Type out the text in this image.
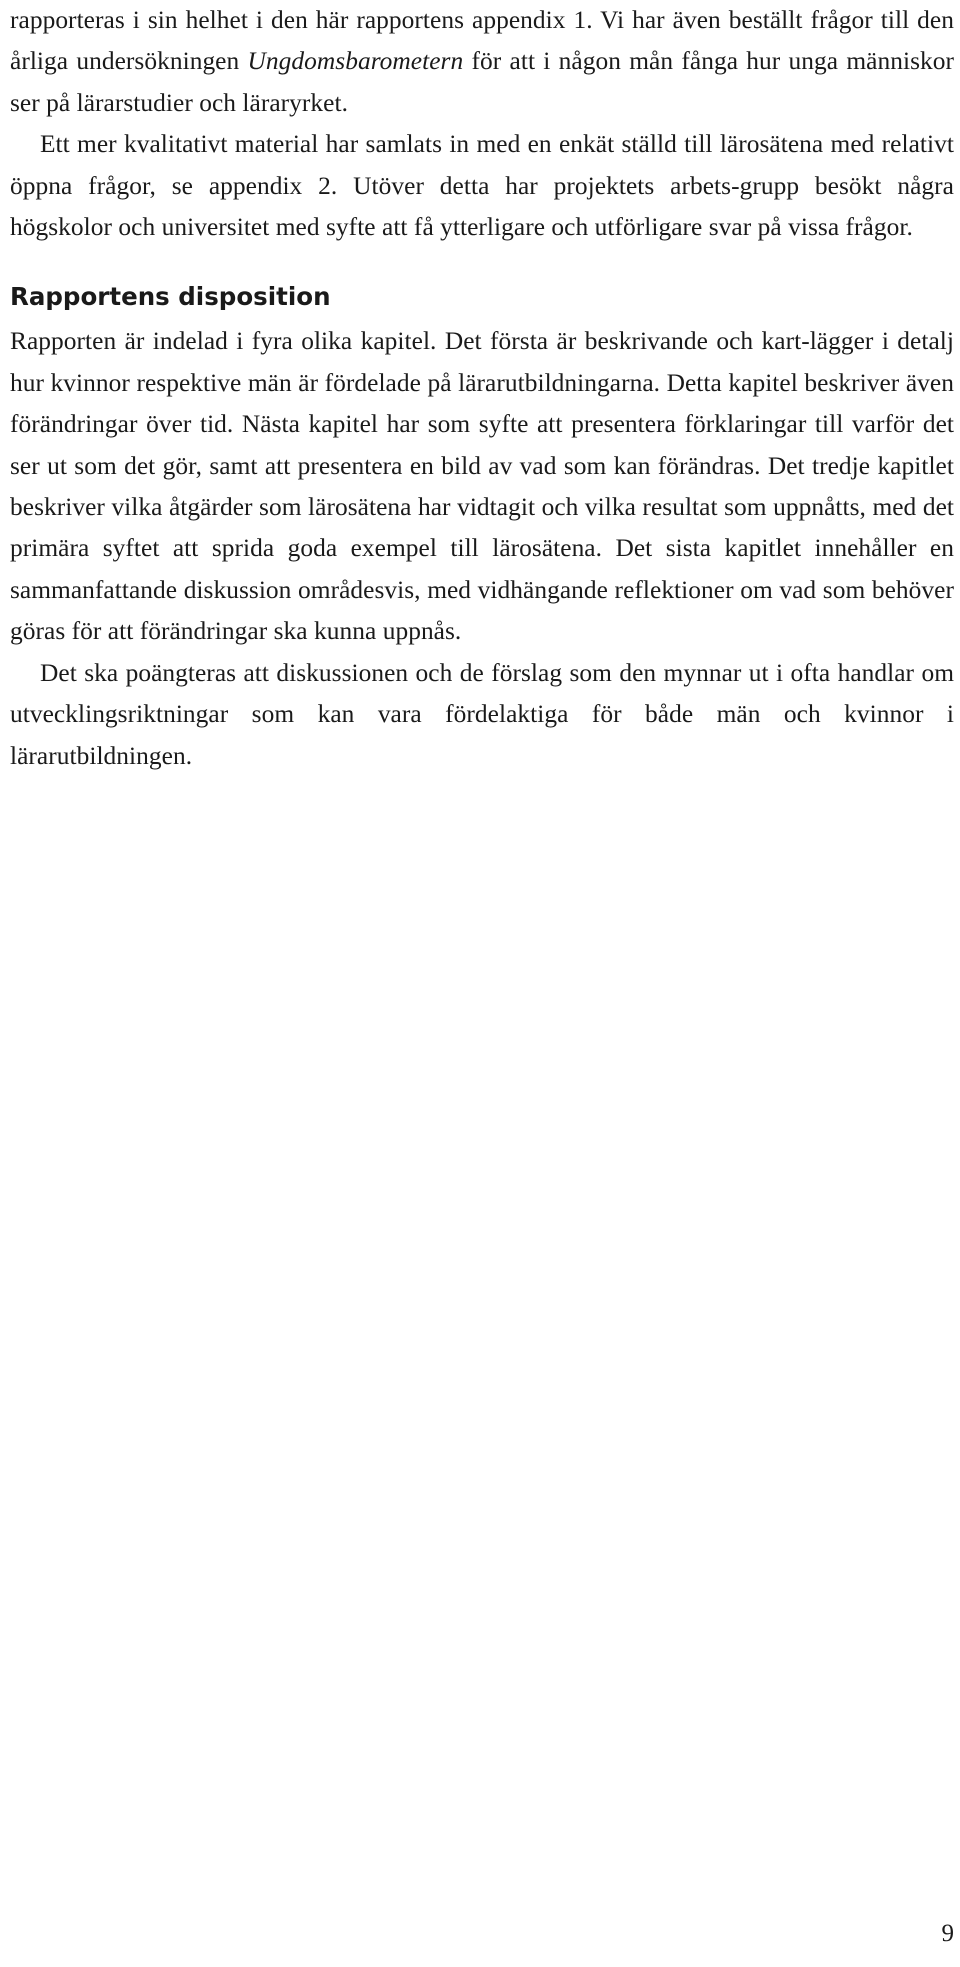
rapporteras i sin helhet i den här rapportens appendix 1. Vi har även beställt frågor till den årliga undersökningen Ungdomsbarometern för att i någon mån fånga hur unga människor ser på lärarstudier och läraryrket.

Ett mer kvalitativt material har samlats in med en enkät ställd till lärosätena med relativt öppna frågor, se appendix 2. Utöver detta har projektets arbets-grupp besökt några högskolor och universitet med syfte att få ytterligare och utförligare svar på vissa frågor.

Rapportens disposition

Rapporten är indelad i fyra olika kapitel. Det första är beskrivande och kart-lägger i detalj hur kvinnor respektive män är fördelade på lärarutbildningarna. Detta kapitel beskriver även förändringar över tid. Nästa kapitel har som syfte att presentera förklaringar till varför det ser ut som det gör, samt att presentera en bild av vad som kan förändras. Det tredje kapitlet beskriver vilka åtgärder som lärosätena har vidtagit och vilka resultat som uppnåtts, med det primära syftet att sprida goda exempel till lärosätena. Det sista kapitlet innehåller en sammanfattande diskussion områdesvis, med vidhängande reflektioner om vad som behöver göras för att förändringar ska kunna uppnås.

Det ska poängteras att diskussionen och de förslag som den mynnar ut i ofta handlar om utvecklingsriktningar som kan vara fördelaktiga för både män och kvinnor i lärarutbildningen.

9
